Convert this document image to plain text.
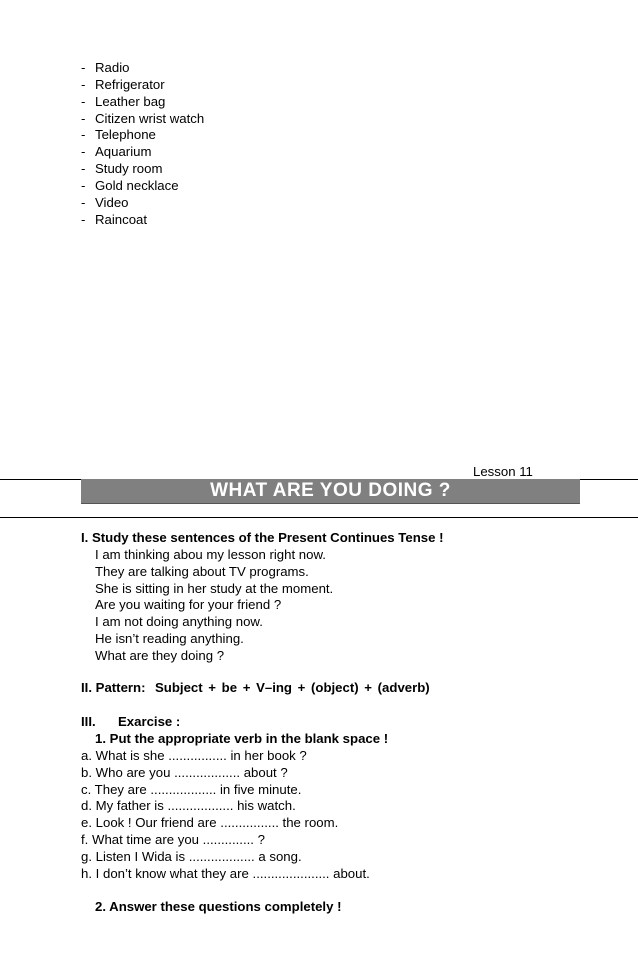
- Radio
- Refrigerator
- Leather bag
- Citizen wrist watch
- Telephone
- Aquarium
- Study room
- Gold necklace
- Video
- Raincoat
Lesson 11
WHAT ARE YOU DOING ?
I. Study these sentences of the Present Continues Tense !
I am thinking abou my lesson right now.
They are talking about TV programs.
She is sitting in her study at the moment.
Are you waiting for your friend ?
I am not doing anything now.
He isn’t reading anything.
What are they doing ?
II. Pattern: Subject + be + V–ing + (object) + (adverb)
III. Exarcise :
1. Put the appropriate verb in the blank space !
a. What is she ................ in her book ?
b. Who are you .................. about ?
c. They are .................. in five minute.
d. My father is .................. his watch.
e. Look ! Our friend are ................ the room.
f. What time are you .............. ?
g. Listen I Wida is .................. a song.
h. I don’t know what they are ..................... about.
2. Answer these questions completely !
